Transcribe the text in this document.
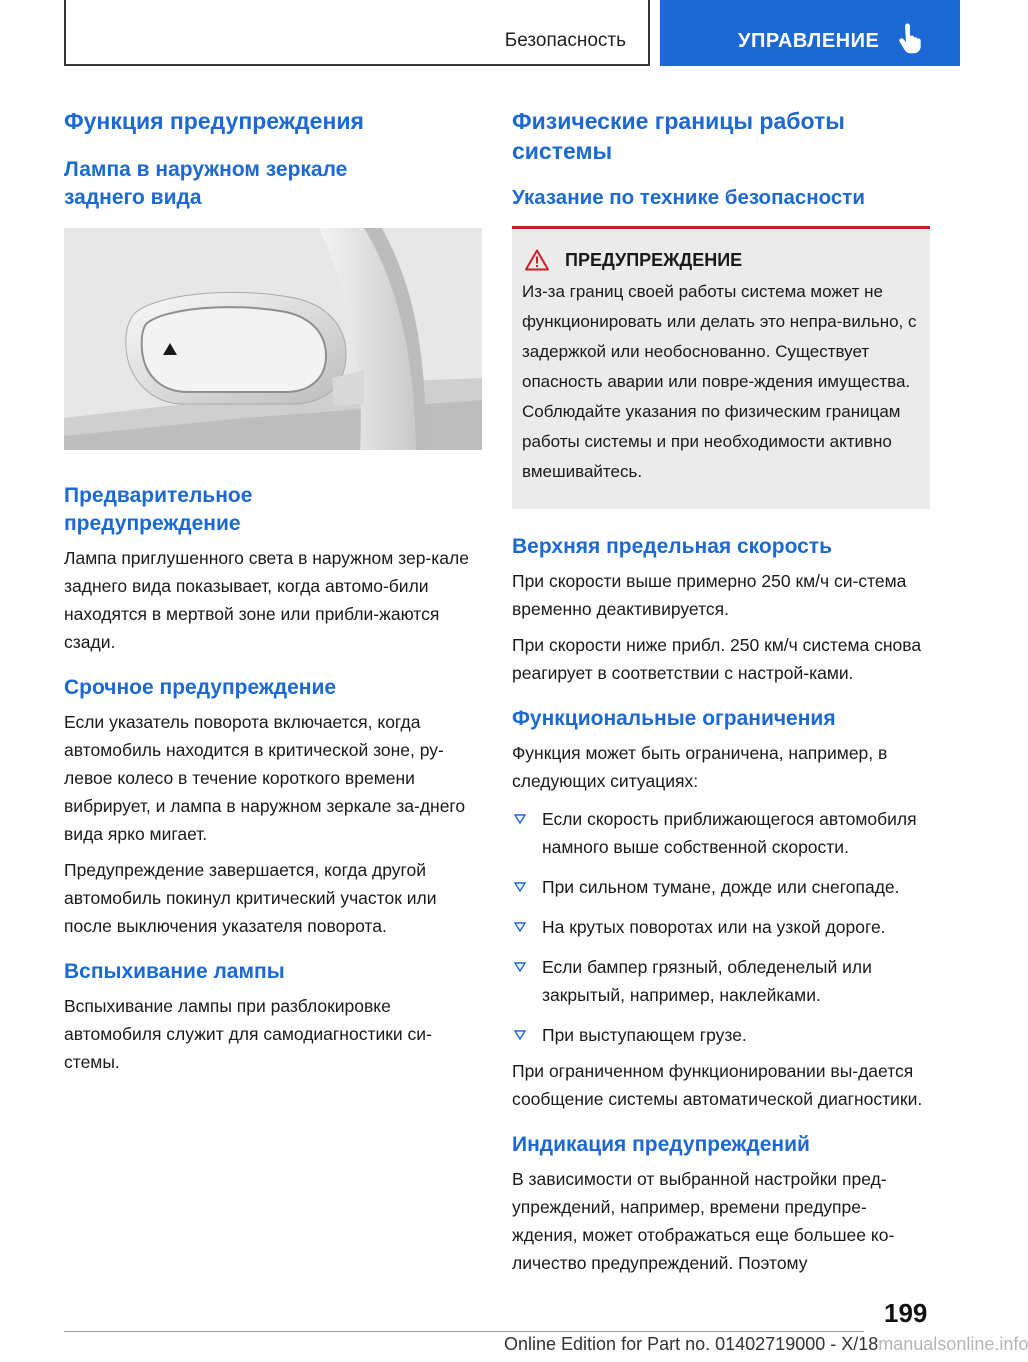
Безопасность	УПРАВЛЕНИЕ
Функция предупреждения
Лампа в наружном зеркале заднего вида
Предварительное предупреждение

Лампа приглушенного света в наружном зер-кале заднего вида показывает, когда автомо-били находятся в мертвой зоне или прибли-жаются сзади.

Срочное предупреждение

Если указатель поворота включается, когда автомобиль находится в критической зоне, ру-левое колесо в течение короткого времени вибрирует, и лампа в наружном зеркале за-днего вида ярко мигает.

Предупреждение завершается, когда другой автомобиль покинул критический участок или после выключения указателя поворота.

Вспыхивание лампы

Вспыхивание лампы при разблокировке автомобиля служит для самодиагностики си-стемы.

Физические границы работы системы
Указание по технике безопасности
ПРЕДУПРЕЖДЕНИЕ

Из-за границ своей работы система может не функционировать или делать это непра-вильно, с задержкой или необоснованно. Существует опасность аварии или повре-ждения имущества. Соблюдайте указания по физическим границам работы системы и при необходимости активно вмешивайтесь.

Верхняя предельная скорость

При скорости выше примерно 250 км/ч си-стема временно деактивируется.

При скорости ниже прибл. 250 км/ч система снова реагирует в соответствии с настрой-ками.

Функциональные ограничения

Функция может быть ограничена, например, в следующих ситуациях:

Если скорость приближающегося автомобиля намного выше собственной скорости.
При сильном тумане, дожде или снегопаде.
На крутых поворотах или на узкой дороге.
Если бампер грязный, обледенелый или закрытый, например, наклейками.
При выступающем грузе.

При ограниченном функционировании вы-дается сообщение системы автоматической диагностики.

Индикация предупреждений

В зависимости от выбранной настройки пред-упреждений, например, времени предупре-ждения, может отображаться еще большее ко-личество предупреждений. Поэтому

199
Online Edition for Part no. 01402719000 - X/18manualsonline.info
